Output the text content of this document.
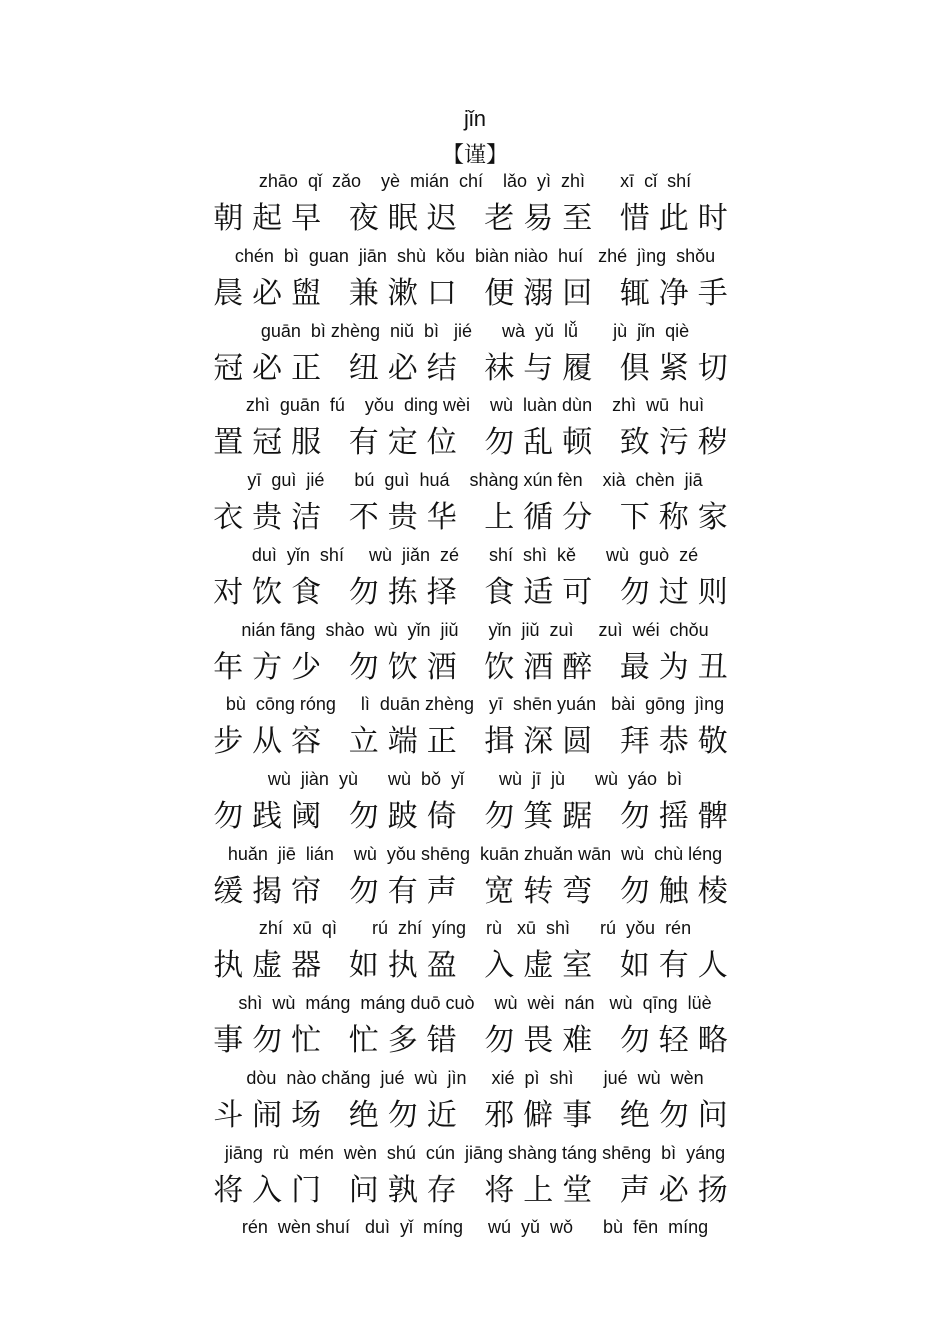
jǐn
【谨】
zhāo  qǐ  zǎo    yè  mián  chí    lǎo  yì  zhì       xī  cǐ  shí
朝起早 夜眠迟 老易至 惜此时
chén  bì  guan  jiān  shù  kǒu  biàn niào  huí   zhé  jìng  shǒu
晨必盥 兼漱口 便溺回 辄净手
guān  bì zhèng  niǔ  bì   jié      wà  yǔ  lǚ       jù  jǐn  qiè
冠必正 纽必结 袜与履 俱紧切
zhì  guān  fú    yǒu  ding wèi    wù  luàn dùn    zhì  wū  huì
置冠服 有定位 勿乱顿 致污秽
yī  guì  jié      bú  guì  huá    shàng xún fèn    xià  chèn  jiā
衣贵洁 不贵华 上循分 下称家
duì  yǐn  shí     wù  jiǎn  zé      shí  shì  kě      wù  guò  zé
对饮食 勿拣择 食适可 勿过则
nián fāng  shào  wù  yǐn  jiǔ      yǐn  jiǔ  zuì     zuì  wéi  chǒu
年方少 勿饮酒 饮酒醉 最为丑
bù  cōng róng     lì  duān zhèng   yī  shēn yuán   bài  gōng  jìng
步从容 立端正 揖深圆 拜恭敬
wù  jiàn  yù      wù  bǒ  yǐ       wù  jī  jù      wù  yáo  bì
勿践阈 勿跛倚 勿箕踞 勿摇髀
huǎn  jiē  lián    wù  yǒu shēng  kuān zhuǎn wān  wù  chù léng
缓揭帘 勿有声 宽转弯 勿触棱
zhí  xū  qì       rú  zhí  yíng    rù   xū  shì      rú  yǒu  rén
执虚器 如执盈 入虚室 如有人
shì  wù  máng  máng duō cuò    wù  wèi  nán   wù  qīng  lüè
事勿忙 忙多错 勿畏难 勿轻略
dòu  nào chǎng  jué  wù  jìn     xié  pì  shì      jué  wù  wèn
斗闹场 绝勿近 邪僻事 绝勿问
jiāng  rù  mén  wèn  shú  cún  jiāng shàng táng shēng  bì  yáng
将入门 问孰存 将上堂 声必扬
rén  wèn shuí   duì  yǐ  míng     wú  yǔ  wǒ      bù  fēn  míng
